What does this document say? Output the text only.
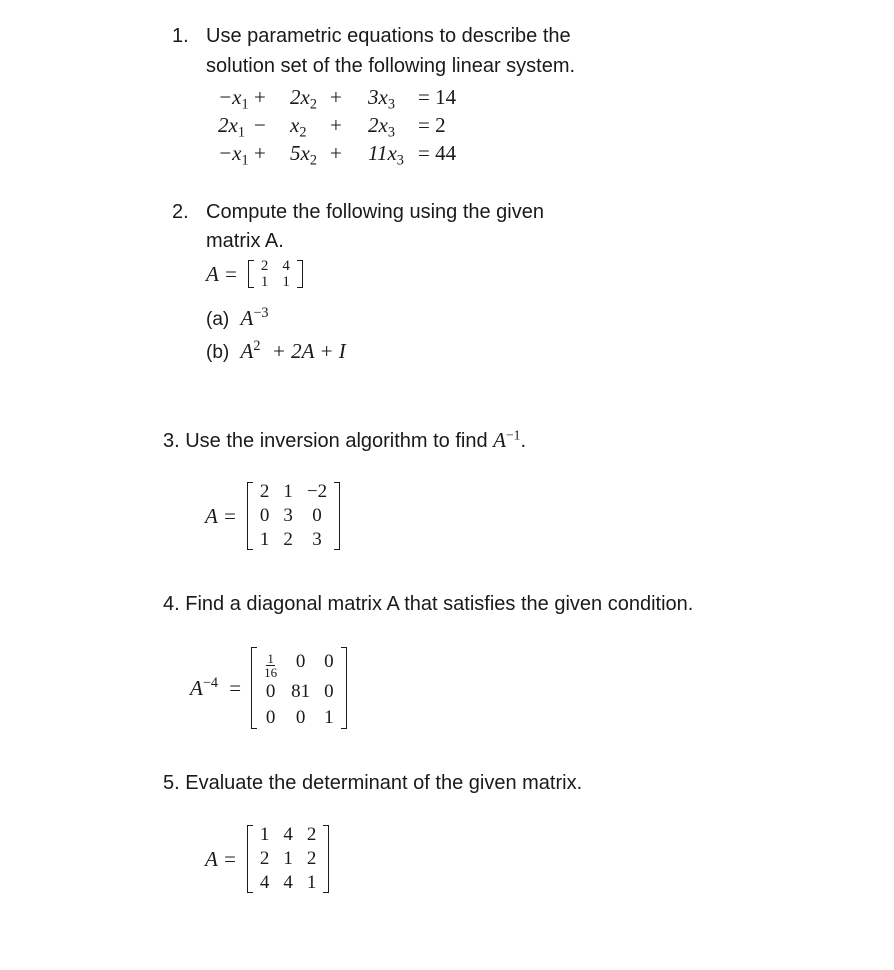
1. Use parametric equations to describe the
solution set of the following linear system.
$-x_1 + 2x_2 + 3x_3 = 14$
$2x_1 - x_2 + 2x_3 = 2$
$-x_1 + 5x_2 + 11x_3 = 44$
2. Compute the following using the given
matrix A.
A = 2	4
1	1
(a) $A^{-3}$
(b) $A^2 + 2A + I$
3. Use the inversion algorithm to find $A^{-1}$.
A =
2	1	−2
0	3	0
1	2	3
4. Find a diagonal matrix A that satisfies the given condition.
$A^{-4}$ =
$\frac{1}{16}$	0	0
0	81	0
0	0	1
5. Evaluate the determinant of the given matrix.
A =
1	4	2
2	1	2
4	4	1
